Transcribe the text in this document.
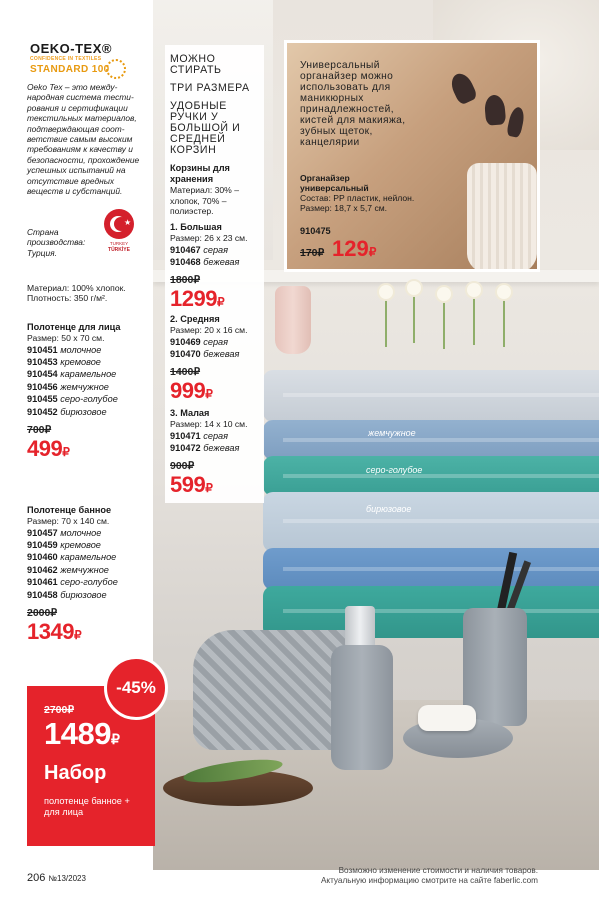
жемчужное
серо-голубое
бирюзовое
Универсальный органайзер можно использовать для маникюрных принадлежностей, кистей для макияжа, зубных щеток, канцелярии
Органайзер универсальный
Состав: PP пластик, нейлон. Размер: 18,7 x 5,7 см.
910475
170₽ 129₽
МОЖНО СТИРАТЬ
ТРИ РАЗМЕРА
УДОБНЫЕ РУЧКИ У БОЛЬШОЙ И СРЕДНЕЙ КОРЗИН
Корзины для хранения
Материал: 30% – хлопок, 70% – полиэстер.
1. Большая
Размер: 26 x 23 см.
910467 серая
910468 бежевая
1800₽
1299₽
2. Средняя
Размер: 20 x 16 см.
910469 серая
910470 бежевая
1400₽
999₽
3. Малая
Размер: 14 x 10 см.
910471 серая
910472 бежевая
900₽
599₽
OEKO-TEX®
CONFIDENCE IN TEXTILES
STANDARD 100
Oeko Tex – это международная система тестирования и сертификации текстильных материалов, подтверждающая соответствие самым высоким требованиям к качеству и безопасности, прохождение успешных испытаний на отсутствие вредных веществ и субстанций.
Страна производства: Турция.
★
TURKEY
TÜRKİYE
Материал: 100% хлопок.
Плотность: 350 г/м².
Полотенце для лица
Размер: 50 x 70 см.
910451 молочное
910453 кремовое
910454 карамельное
910456 жемчужное
910455 серо-голубое
910452 бирюзовое
700₽
499₽
Полотенце банное
Размер: 70 x 140 см.
910457 молочное
910459 кремовое
910460 карамельное
910462 жемчужное
910461 серо-голубое
910458 бирюзовое
2000₽
1349₽
-45%
2700₽
1489₽
Набор
полотенце банное + для лица
Возможно изменение стоимости и наличия товаров.
Актуальную информацию смотрите на сайте faberlic.com
206 №13/2023
